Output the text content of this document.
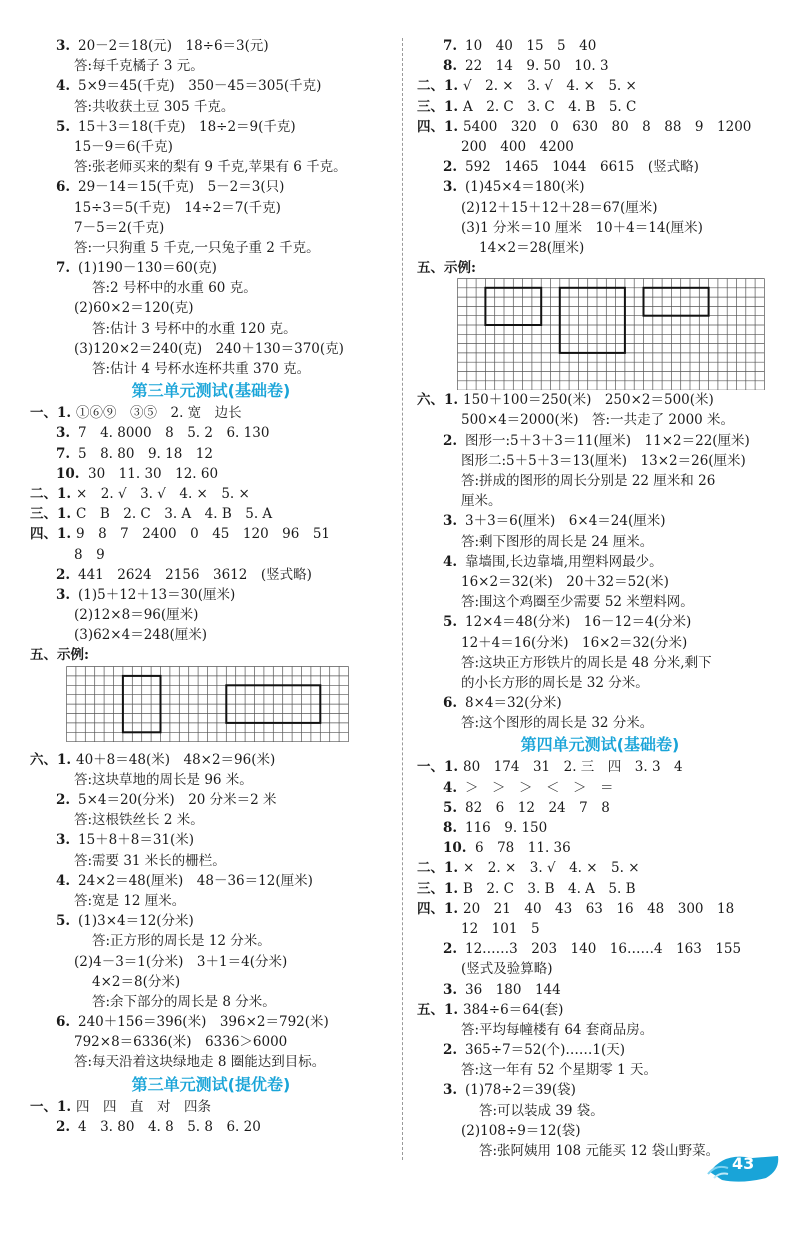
3. 20－2＝18(元)　18÷6＝3(元)
答:每千克橘子 3 元。
4. 5×9＝45(千克)　350－45＝305(千克)
答:共收获土豆 305 千克。
5. 15＋3＝18(千克)　18÷2＝9(千克)
15－9＝6(千克)
答:张老师买来的梨有 9 千克,苹果有 6 千克。
6. 29－14＝15(千克)　5－2＝3(只)
15÷3＝5(千克)　14÷2＝7(千克)
7－5＝2(千克)
答:一只狗重 5 千克,一只兔子重 2 千克。
7. (1)190－130＝60(克)
答:2 号杯中的水重 60 克。
(2)60×2＝120(克)
答:估计 3 号杯中的水重 120 克。
(3)120×2＝240(克)　240＋130＝370(克)
答:估计 4 号杯水连杯共重 370 克。
第三单元测试(基础卷)
一、1. ①⑥⑨　③⑤　2. 宽　边长
3. 7　4. 8000　8　5. 2　6. 130
7. 5　8. 80　9. 18　12
10. 30　11. 30　12. 60
二、1. ×　2. √　3. √　4. ×　5. ×
三、1. C　B　2. C　3. A　4. B　5. A
四、1. 9　8　7　2400　0　45　120　96　51
8　9
2. 441　2624　2156　3612　(竖式略)
3. (1)5＋12＋13＝30(厘米)
(2)12×8＝96(厘米)
(3)62×4＝248(厘米)
五、示例:
六、1. 40＋8＝48(米)　48×2＝96(米)
答:这块草地的周长是 96 米。
2. 5×4＝20(分米)　20 分米＝2 米
答:这根铁丝长 2 米。
3. 15＋8＋8＝31(米)
答:需要 31 米长的栅栏。
4. 24×2＝48(厘米)　48－36＝12(厘米)
答:宽是 12 厘米。
5. (1)3×4＝12(分米)
答:正方形的周长是 12 分米。
(2)4－3＝1(分米)　3＋1＝4(分米)
4×2＝8(分米)
答:余下部分的周长是 8 分米。
6. 240＋156＝396(米)　396×2＝792(米)
792×8＝6336(米)　6336＞6000
答:每天沿着这块绿地走 8 圈能达到目标。
第三单元测试(提优卷)
一、1. 四　四　直　对　四条
2. 4　3. 80　4. 8　5. 8　6. 20
7. 10　40　15　5　40
8. 22　14　9. 50　10. 3
二、1. √　2. ×　3. √　4. ×　5. ×
三、1. A　2. C　3. C　4. B　5. C
四、1. 5400　320　0　630　80　8　88　9　1200
200　400　4200
2. 592　1465　1044　6615　(竖式略)
3. (1)45×4＝180(米)
(2)12＋15＋12＋28＝67(厘米)
(3)1 分米＝10 厘米　10＋4＝14(厘米)
14×2＝28(厘米)
五、示例:
六、1. 150＋100＝250(米)　250×2＝500(米)
500×4＝2000(米)　答:一共走了 2000 米。
2. 图形一:5＋3＋3＝11(厘米)　11×2＝22(厘米)
图形二:5＋5＋3＝13(厘米)　13×2＝26(厘米)
答:拼成的图形的周长分别是 22 厘米和 26
厘米。
3. 3＋3＝6(厘米)　6×4＝24(厘米)
答:剩下图形的周长是 24 厘米。
4. 靠墙围,长边靠墙,用塑料网最少。
16×2＝32(米)　20＋32＝52(米)
答:围这个鸡圈至少需要 52 米塑料网。
5. 12×4＝48(分米)　16－12＝4(分米)
12＋4＝16(分米)　16×2＝32(分米)
答:这块正方形铁片的周长是 48 分米,剩下
的小长方形的周长是 32 分米。
6. 8×4＝32(分米)
答:这个图形的周长是 32 分米。
第四单元测试(基础卷)
一、1. 80　174　31　2. 三　四　3. 3　4
4. ＞　＞　＞　＜　＞　＝
5. 82　6　12　24　7　8
8. 116　9. 150
10. 6　78　11. 36
二、1. ×　2. ×　3. √　4. ×　5. ×
三、1. B　2. C　3. B　4. A　5. B
四、1. 20　21　40　43　63　16　48　300　18
12　101　5
2. 12……3　203　140　16……4　163　155
(竖式及验算略)
3. 36　180　144
五、1. 384÷6＝64(套)
答:平均每幢楼有 64 套商品房。
2. 365÷7＝52(个)……1(天)
答:这一年有 52 个星期零 1 天。
3. (1)78÷2＝39(袋)
答:可以装成 39 袋。
(2)108÷9＝12(袋)
答:张阿姨用 108 元能买 12 袋山野菜。
43
